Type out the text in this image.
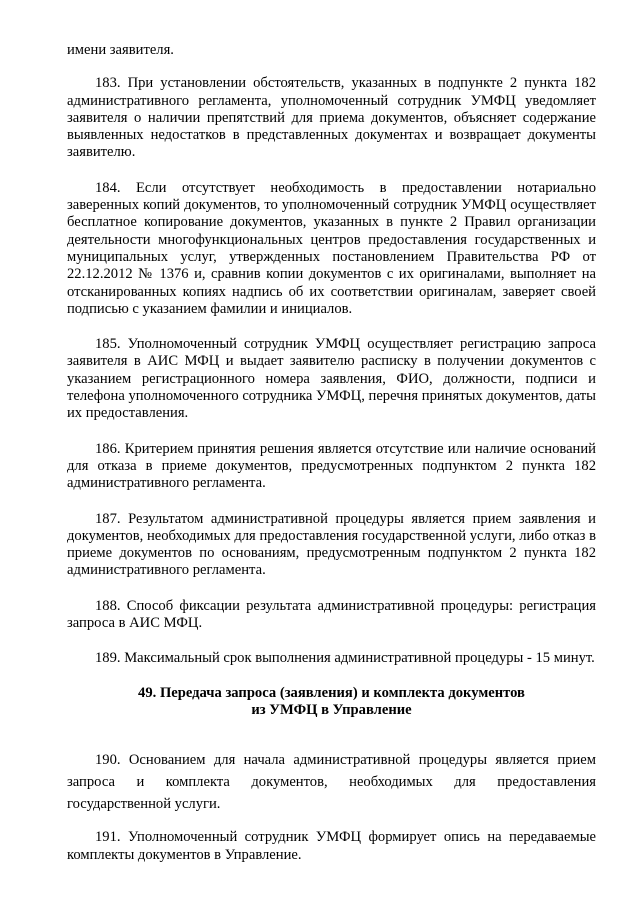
имени заявителя.

183. При установлении обстоятельств, указанных в подпункте 2 пункта 182 административного регламента, уполномоченный сотрудник УМФЦ уведомляет заявителя о наличии препятствий для приема документов, объясняет содержание выявленных недостатков в представленных документах и возвращает документы заявителю.

184. Если отсутствует необходимость в предоставлении нотариально заверенных копий документов, то уполномоченный сотрудник УМФЦ осуществляет бесплатное копирование документов, указанных в пункте 2 Правил организации деятельности многофункциональных центров предоставления государственных и муниципальных услуг, утвержденных постановлением Правительства РФ от 22.12.2012 № 1376 и, сравнив копии документов с их оригиналами, выполняет на отсканированных копиях надпись об их соответствии оригиналам, заверяет своей подписью с указанием фамилии и инициалов.

185. Уполномоченный сотрудник УМФЦ осуществляет регистрацию запроса заявителя в АИС МФЦ и выдает заявителю расписку в получении документов с указанием регистрационного номера заявления, ФИО, должности, подписи и телефона уполномоченного сотрудника УМФЦ, перечня принятых документов, даты их предоставления.

186. Критерием принятия решения является отсутствие или наличие оснований для отказа в приеме документов, предусмотренных подпунктом 2 пункта 182 административного регламента.

187. Результатом административной процедуры является прием заявления и документов, необходимых для предоставления государственной услуги, либо отказ в приеме документов по основаниям, предусмотренным подпунктом 2 пункта 182 административного регламента.

188. Способ фиксации результата административной процедуры: регистрация запроса в АИС МФЦ.

189. Максимальный срок выполнения административной процедуры - 15 минут.

49. Передача запроса (заявления) и комплекта документов
из УМФЦ в Управление

190. Основанием для начала административной процедуры является прием запроса и комплекта документов, необходимых для предоставления государственной услуги.

191. Уполномоченный сотрудник УМФЦ формирует опись на передаваемые комплекты документов в Управление.
